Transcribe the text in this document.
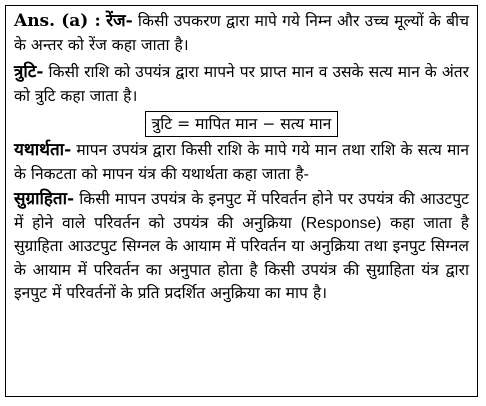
Ans. (a) : रेंज- किसी उपकरण द्वारा मापे गये निम्न और उच्च मूल्यों के बीच के अन्तर को रेंज कहा जाता है।

त्रुटि- किसी राशि को उपयंत्र द्वारा मापने पर प्राप्त मान व उसके सत्य मान के अंतर को त्रुटि कहा जाता है।

त्रुटि = मापित मान − सत्य मान

यथार्थता- मापन उपयंत्र द्वारा किसी राशि के मापे गये मान तथा राशि के सत्य मान के निकटता को मापन यंत्र की यथार्थता कहा जाता है-

सुग्राहिता- किसी मापन उपयंत्र के इनपुट में परिवर्तन होने पर उपयंत्र की आउटपुट में होने वाले परिवर्तन को उपयंत्र की अनुक्रिया (Response) कहा जाता है सुग्राहिता आउटपुट सिग्नल के आयाम में परिवर्तन या अनुक्रिया तथा इनपुट सिग्नल के आयाम में परिवर्तन का अनुपात होता है किसी उपयंत्र की सुग्राहिता यंत्र द्वारा इनपुट में परिवर्तनों के प्रति प्रदर्शित अनुक्रिया का माप है।
